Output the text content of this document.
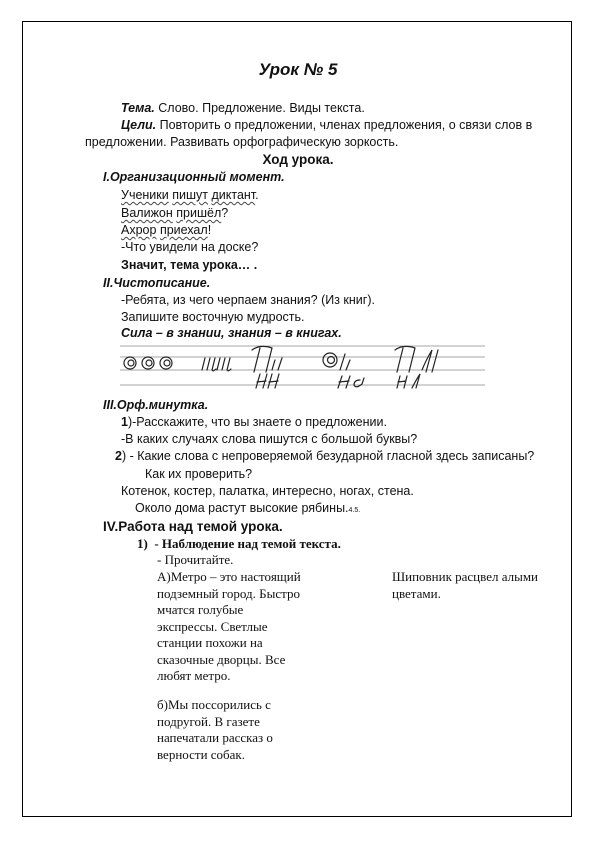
Урок № 5
Тема. Слово. Предложение. Виды текста.
Цели. Повторить о предложении, членах предложения, о связи слов в
предложении. Развивать орфографическую зоркость.
Ход урока.
I.Организационный момент.
Ученики пишут диктант.
Валижон пришёл?
Ахрор приехал!
-Что увидели на доске?
Значит, тема урока… .
II.Чистописание.
-Ребята, из чего черпаем знания? (Из книг).
Запишите восточную мудрость.
Сила – в знании, знания – в книгах.
III.Орф.минутка.
1)-Расскажите, что вы знаете о предложении.
-В каких случаях слова пишутся с большой буквы?
2) - Какие слова с непроверяемой безударной гласной здесь записаны?
Как их проверить?
Котенок, костер, палатка, интересно, ногах, стена.
Около дома растут высокие рябины.4.5.
IV.Работа над темой урока.
1) - Наблюдение над темой текста.
- Прочитайте.
А)Метро – это настоящий
подземный город. Быстро
мчатся голубые
экспрессы. Светлые
станции похожи на
сказочные дворцы. Все
любят метро.
б)Мы поссорились с
подругой. В газете
напечатали рассказ о
верности собак.
Шиповник расцвел алыми
цветами.
